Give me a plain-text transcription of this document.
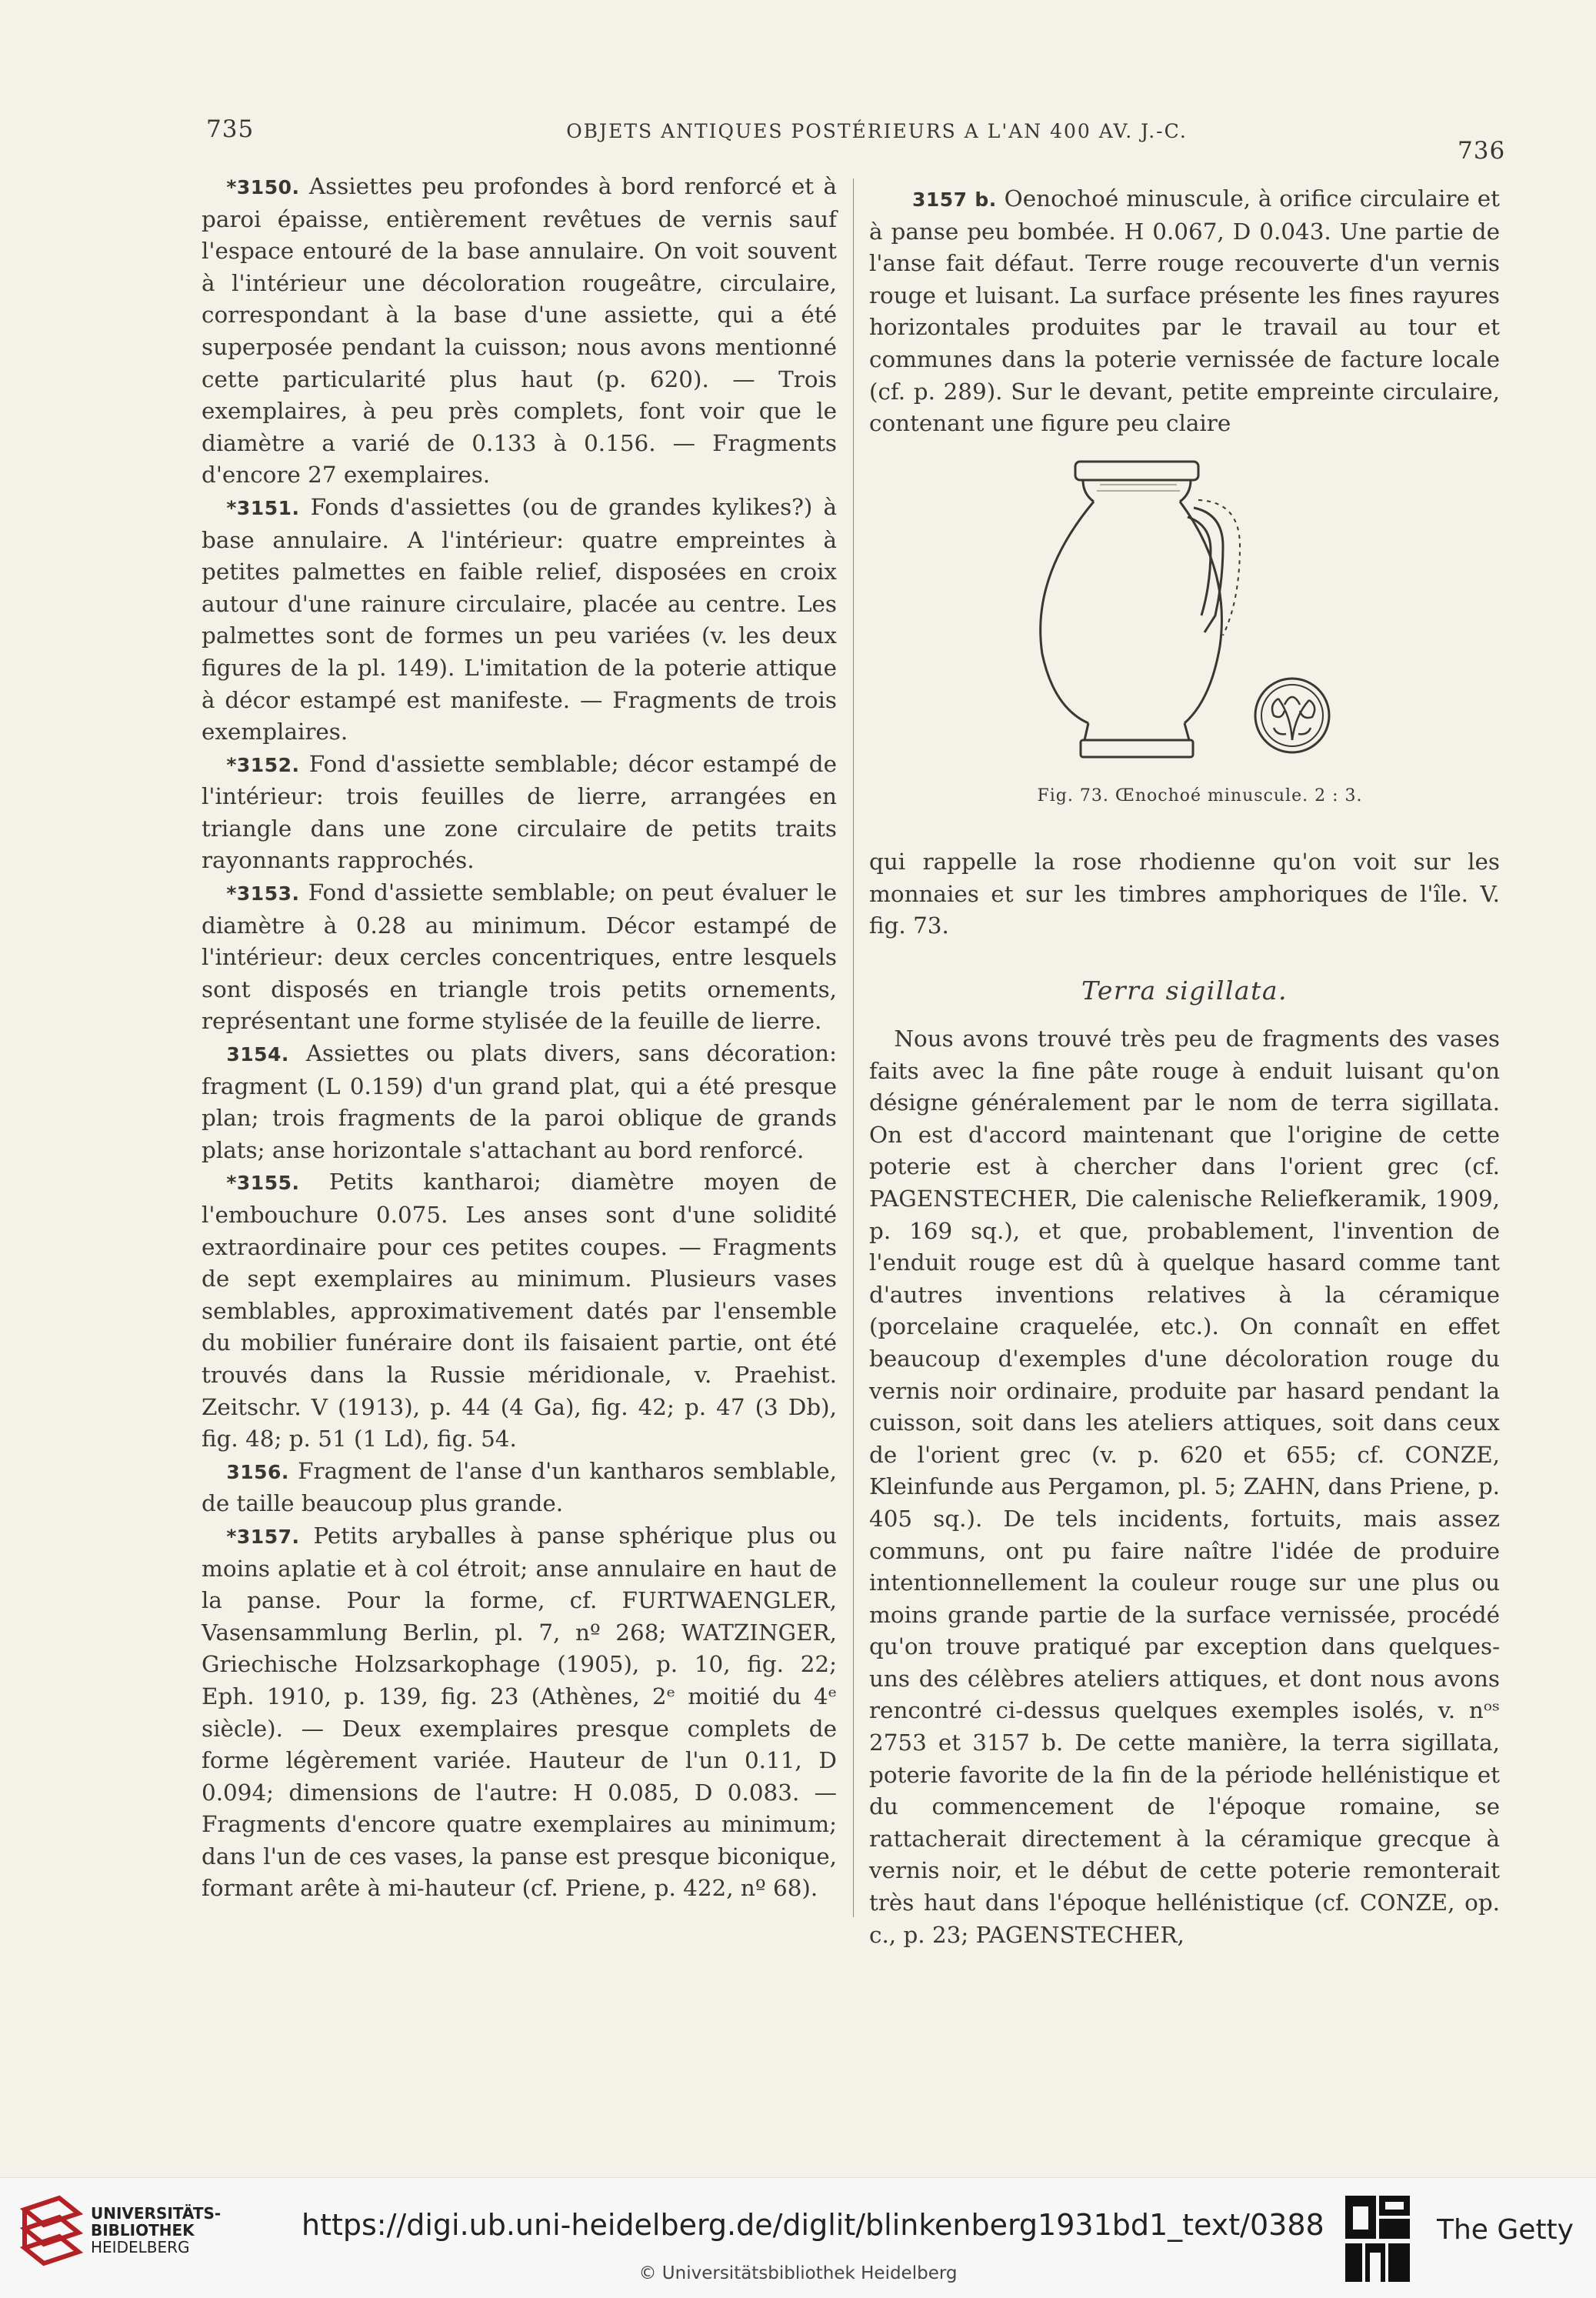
735	OBJETS ANTIQUES POSTÉRIEURS A L'AN 400 AV. J.-C.
736

*3150. Assiettes peu profondes à bord renforcé et à paroi épaisse, entièrement revêtues de vernis sauf l'espace entouré de la base annulaire. On voit souvent à l'intérieur une décoloration rougeâtre, circulaire, correspondant à la base d'une assiette, qui a été superposée pendant la cuisson; nous avons mentionné cette particularité plus haut (p. 620). — Trois exemplaires, à peu près complets, font voir que le diamètre a varié de 0.133 à 0.156. — Fragments d'encore 27 exemplaires.

*3151. Fonds d'assiettes (ou de grandes kylikes?) à base annulaire. A l'intérieur: quatre empreintes à petites palmettes en faible relief, disposées en croix autour d'une rainure circulaire, placée au centre. Les palmettes sont de formes un peu variées (v. les deux figures de la pl. 149). L'imitation de la poterie attique à décor estampé est manifeste. — Fragments de trois exemplaires.

*3152. Fond d'assiette semblable; décor estampé de l'intérieur: trois feuilles de lierre, arrangées en triangle dans une zone circulaire de petits traits rayonnants rapprochés.

*3153. Fond d'assiette semblable; on peut évaluer le diamètre à 0.28 au minimum. Décor estampé de l'intérieur: deux cercles concentriques, entre lesquels sont disposés en triangle trois petits ornements, représentant une forme stylisée de la feuille de lierre.

3154. Assiettes ou plats divers, sans décoration: fragment (L 0.159) d'un grand plat, qui a été presque plan; trois fragments de la paroi oblique de grands plats; anse horizontale s'attachant au bord renforcé.

*3155. Petits kantharoi; diamètre moyen de l'embouchure 0.075. Les anses sont d'une solidité extraordinaire pour ces petites coupes. — Fragments de sept exemplaires au minimum. Plusieurs vases semblables, approximativement datés par l'ensemble du mobilier funéraire dont ils faisaient partie, ont été trouvés dans la Russie méridionale, v. Praehist. Zeitschr. V (1913), p. 44 (4 Ga), fig. 42; p. 47 (3 Db), fig. 48; p. 51 (1 Ld), fig. 54.

3156. Fragment de l'anse d'un kantharos semblable, de taille beaucoup plus grande.

*3157. Petits aryballes à panse sphérique plus ou moins aplatie et à col étroit; anse annulaire en haut de la panse. Pour la forme, cf. FURTWAENGLER, Vasensammlung Berlin, pl. 7, nº 268; WATZINGER, Griechische Holzsarkophage (1905), p. 10, fig. 22; Eph. 1910, p. 139, fig. 23 (Athènes, 2ᵉ moitié du 4ᵉ siècle). — Deux exemplaires presque complets de forme légèrement variée. Hauteur de l'un 0.11, D 0.094; dimensions de l'autre: H 0.085, D 0.083. — Fragments d'encore quatre exemplaires au minimum; dans l'un de ces vases, la panse est presque biconique, formant arête à mi-hauteur (cf. Priene, p. 422, nº 68).

3157 b. Oenochoé minuscule, à orifice circulaire et à panse peu bombée. H 0.067, D 0.043. Une partie de l'anse fait défaut. Terre rouge recouverte d'un vernis rouge et luisant. La surface présente les fines rayures horizontales produites par le travail au tour et communes dans la poterie vernissée de facture locale (cf. p. 289). Sur le devant, petite empreinte circulaire, contenant une figure peu claire

Fig. 73. Œnochoé minuscule. 2 : 3.

qui rappelle la rose rhodienne qu'on voit sur les monnaies et sur les timbres amphoriques de l'île. V. fig. 73.

Terra sigillata.

Nous avons trouvé très peu de fragments des vases faits avec la fine pâte rouge à enduit luisant qu'on désigne généralement par le nom de terra sigillata. On est d'accord maintenant que l'origine de cette poterie est à chercher dans l'orient grec (cf. PAGENSTECHER, Die calenische Reliefkeramik, 1909, p. 169 sq.), et que, probablement, l'invention de l'enduit rouge est dû à quelque hasard comme tant d'autres inventions relatives à la céramique (porcelaine craquelée, etc.). On connaît en effet beaucoup d'exemples d'une décoloration rouge du vernis noir ordinaire, produite par hasard pendant la cuisson, soit dans les ateliers attiques, soit dans ceux de l'orient grec (v. p. 620 et 655; cf. CONZE, Kleinfunde aus Pergamon, pl. 5; ZAHN, dans Priene, p. 405 sq.). De tels incidents, fortuits, mais assez communs, ont pu faire naître l'idée de produire intentionnellement la couleur rouge sur une plus ou moins grande partie de la surface vernissée, procédé qu'on trouve pratiqué par exception dans quelques-uns des célèbres ateliers attiques, et dont nous avons rencontré ci-dessus quelques exemples isolés, v. nᵒˢ 2753 et 3157 b. De cette manière, la terra sigillata, poterie favorite de la fin de la période hellénistique et du commencement de l'époque romaine, se rattacherait directement à la céramique grecque à vernis noir, et le début de cette poterie remonterait très haut dans l'époque hellénistique (cf. CONZE, op. c., p. 23; PAGENSTECHER,

UNIVERSITÄTS-
BIBLIOTHEK
HEIDELBERG
https://digi.ub.uni-heidelberg.de/diglit/blinkenberg1931bd1_text/0388
© Universitätsbibliothek Heidelberg
The Getty
